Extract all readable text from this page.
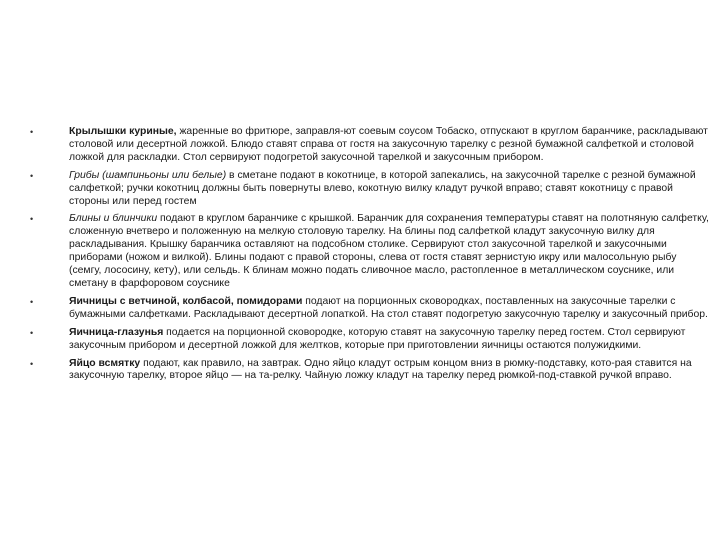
•	Крылышки куриные, жаренные во фритюре, заправля-ют соевым соусом Тобаско, отпускают в круглом баранчике, раскладывают столовой или десертной ложкой. Блюдо ставят справа от гостя на закусочную тарелку с резной бумажной салфеткой и столовой ложкой для раскладки. Стол сервируют подогретой закусочной тарелкой и закусочным прибором.
•	Грибы (шампиньоны или белые) в сметане подают в кокотнице, в которой запекались, на закусочной тарелке с резной бумажной салфеткой; ручки кокотниц должны быть повернуты влево, кокотную вилку кладут ручкой вправо; ставят кокотницу с правой стороны или перед гостем
•	Блины и блинчики подают в круглом баранчике с крышкой. Баранчик для сохранения температуры ставят на полотняную салфетку, сложенную вчетверо и положенную на мелкую столовую тарелку. На блины под салфеткой кладут закусочную вилку для раскладывания. Крышку баранчика оставляют на подсобном столике. Сервируют стол закусочной тарелкой и закусочными приборами (ножом и вилкой). Блины подают с правой стороны, слева от гостя ставят зернистую икру или малосольную рыбу (семгу, лососину, кету), или сельдь. К блинам можно подать сливочное масло, растопленное в металлическом соуснике, или сметану в фарфоровом соуснике
•	Яичницы с ветчиной, колбасой, помидорами подают на порционных сковородках, поставленных на закусочные тарелки с бумажными салфетками. Раскладывают десертной лопаткой. На стол ставят подогретую закусочную тарелку и закусочный прибор.
•	Яичница-глазунья подается на порционной сковородке, которую ставят на закусочную тарелку перед гостем. Стол сервируют закусочным прибором и десертной ложкой для желтков, которые при приготовлении яичницы остаются полужидкими.
•	Яйцо всмятку подают, как правило, на завтрак. Одно яйцо кладут острым концом вниз в рюмку-подставку, кото-рая ставится на закусочную тарелку, второе яйцо — на та-релку. Чайную ложку кладут на тарелку перед рюмкой-под-ставкой ручкой вправо.
